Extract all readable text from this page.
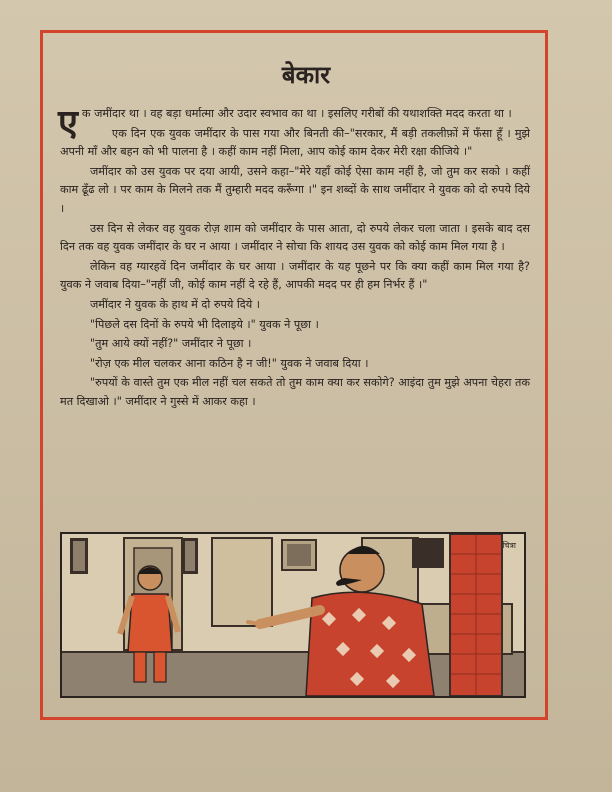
बेकार

एक जमींदार था । वह बड़ा धर्मात्मा और उदार स्वभाव का था । इसलिए गरीबों की यथाशक्ति मदद करता था ।

एक दिन एक युवक जमींदार के पास गया और बिनती की–"सरकार, मैं बड़ी तकलीफ़ों में फँसा हूँ । मुझे अपनी माँ और बहन को भी पालना है । कहीं काम नहीं मिला, आप कोई काम देकर मेरी रक्षा कीजिये ।"

जमींदार को उस युवक पर दया आयी, उसने कहा–"मेरे यहाँ कोई ऐसा काम नहीं है, जो तुम कर सको । कहीं काम ढूँढ लो । पर काम के मिलने तक मैं तुम्हारी मदद करूँगा ।" इन शब्दों के साथ जमींदार ने युवक को दो रुपये दिये ।

उस दिन से लेकर वह युवक रोज़ शाम को जमींदार के पास आता, दो रुपये लेकर चला जाता । इसके बाद दस दिन तक वह युवक जमींदार के घर न आया । जमींदार ने सोचा कि शायद उस युवक को कोई काम मिल गया है ।

लेकिन वह ग्यारहवें दिन जमींदार के घर आया । जमींदार के यह पूछने पर कि क्या कहीं काम मिल गया है? युवक ने जवाब दिया–"नहीं जी, कोई काम नहीं दे रहे हैं, आपकी मदद पर ही हम निर्भर हैं ।"

जमींदार ने युवक के हाथ में दो रुपये दिये ।

"पिछले दस दिनों के रुपये भी दिलाइये ।" युवक ने पूछा ।

"तुम आये क्यों नहीं?" जमींदार ने पूछा ।

"रोज़ एक मील चलकर आना कठिन है न जी!" युवक ने जवाब दिया ।

"रुपयों के वास्ते तुम एक मील नहीं चल सकते तो तुम काम क्या कर सकोगे? आइंदा तुम मुझे अपना चेहरा तक मत दिखाओ ।" जमींदार ने गुस्से में आकर कहा ।

चित्रा
